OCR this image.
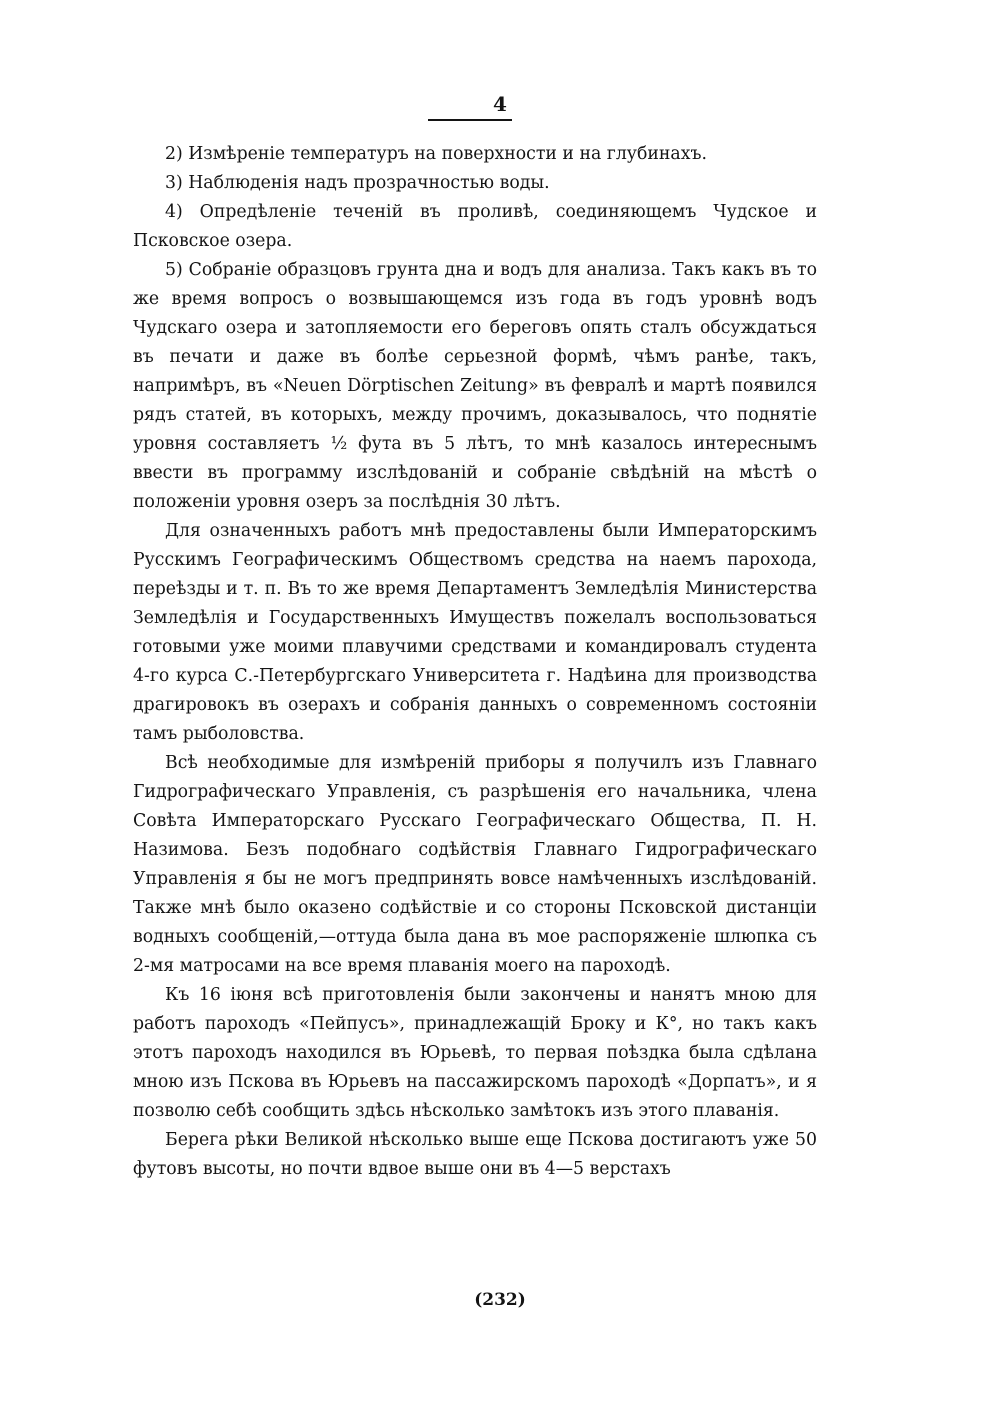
4

2) Измѣреніе температуръ на поверхности и на глубинахъ.

3) Наблюденія надъ прозрачностью воды.

4) Опредѣленіе теченій въ проливѣ, соединяющемъ Чудское и Псковское озера.

5) Собраніе образцовъ грунта дна и водъ для анализа. Такъ какъ въ то же время вопросъ о возвышающемся изъ года въ годъ уровнѣ водъ Чудскаго озера и затопляемости его береговъ опять сталъ обсуждаться въ печати и даже въ болѣе серьезной формѣ, чѣмъ ранѣе, такъ, напримѣръ, въ «Neuen Dörptischen Zeitung» въ февралѣ и мартѣ появился рядъ статей, въ которыхъ, между прочимъ, доказывалось, что поднятіе уровня составляетъ ½ фута въ 5 лѣтъ, то мнѣ казалось интереснымъ ввести въ программу изслѣдованій и собраніе свѣдѣній на мѣстѣ о положеніи уровня озеръ за послѣднія 30 лѣтъ.

Для означенныхъ работъ мнѣ предоставлены были Императорскимъ Русскимъ Географическимъ Обществомъ средства на наемъ парохода, переѣзды и т. п. Въ то же время Департаментъ Земледѣлія Министерства Земледѣлія и Государственныхъ Имуществъ пожелалъ воспользоваться готовыми уже моими плавучими средствами и командировалъ студента 4-го курса С.-Петербургскаго Университета г. Надѣина для производства драгировокъ въ озерахъ и собранія данныхъ о современномъ состояніи тамъ рыболовства.

Всѣ необходимые для измѣреній приборы я получилъ изъ Главнаго Гидрографическаго Управленія, съ разрѣшенія его начальника, члена Совѣта Императорскаго Русскаго Географическаго Общества, П. Н. Назимова. Безъ подобнаго содѣйствія Главнаго Гидрографическаго Управленія я бы не могъ предпринять вовсе намѣченныхъ изслѣдованій. Также мнѣ было оказено содѣйствіе и со стороны Псковской дистанціи водныхъ сообщеній,—оттуда была дана въ мое распоряженіе шлюпка съ 2-мя матросами на все время плаванія моего на пароходѣ.

Къ 16 іюня всѣ приготовленія были закончены и нанятъ мною для работъ пароходъ «Пейпусъ», принадлежащій Броку и К°, но такъ какъ этотъ пароходъ находился въ Юрьевѣ, то первая поѣздка была сдѣлана мною изъ Пскова въ Юрьевъ на пассажирскомъ пароходѣ «Дорпатъ», и я позволю себѣ сообщить здѣсь нѣсколько замѣтокъ изъ этого плаванія.

Берега рѣки Великой нѣсколько выше еще Пскова достигаютъ уже 50 футовъ высоты, но почти вдвое выше они въ 4—5 верстахъ

(232)
